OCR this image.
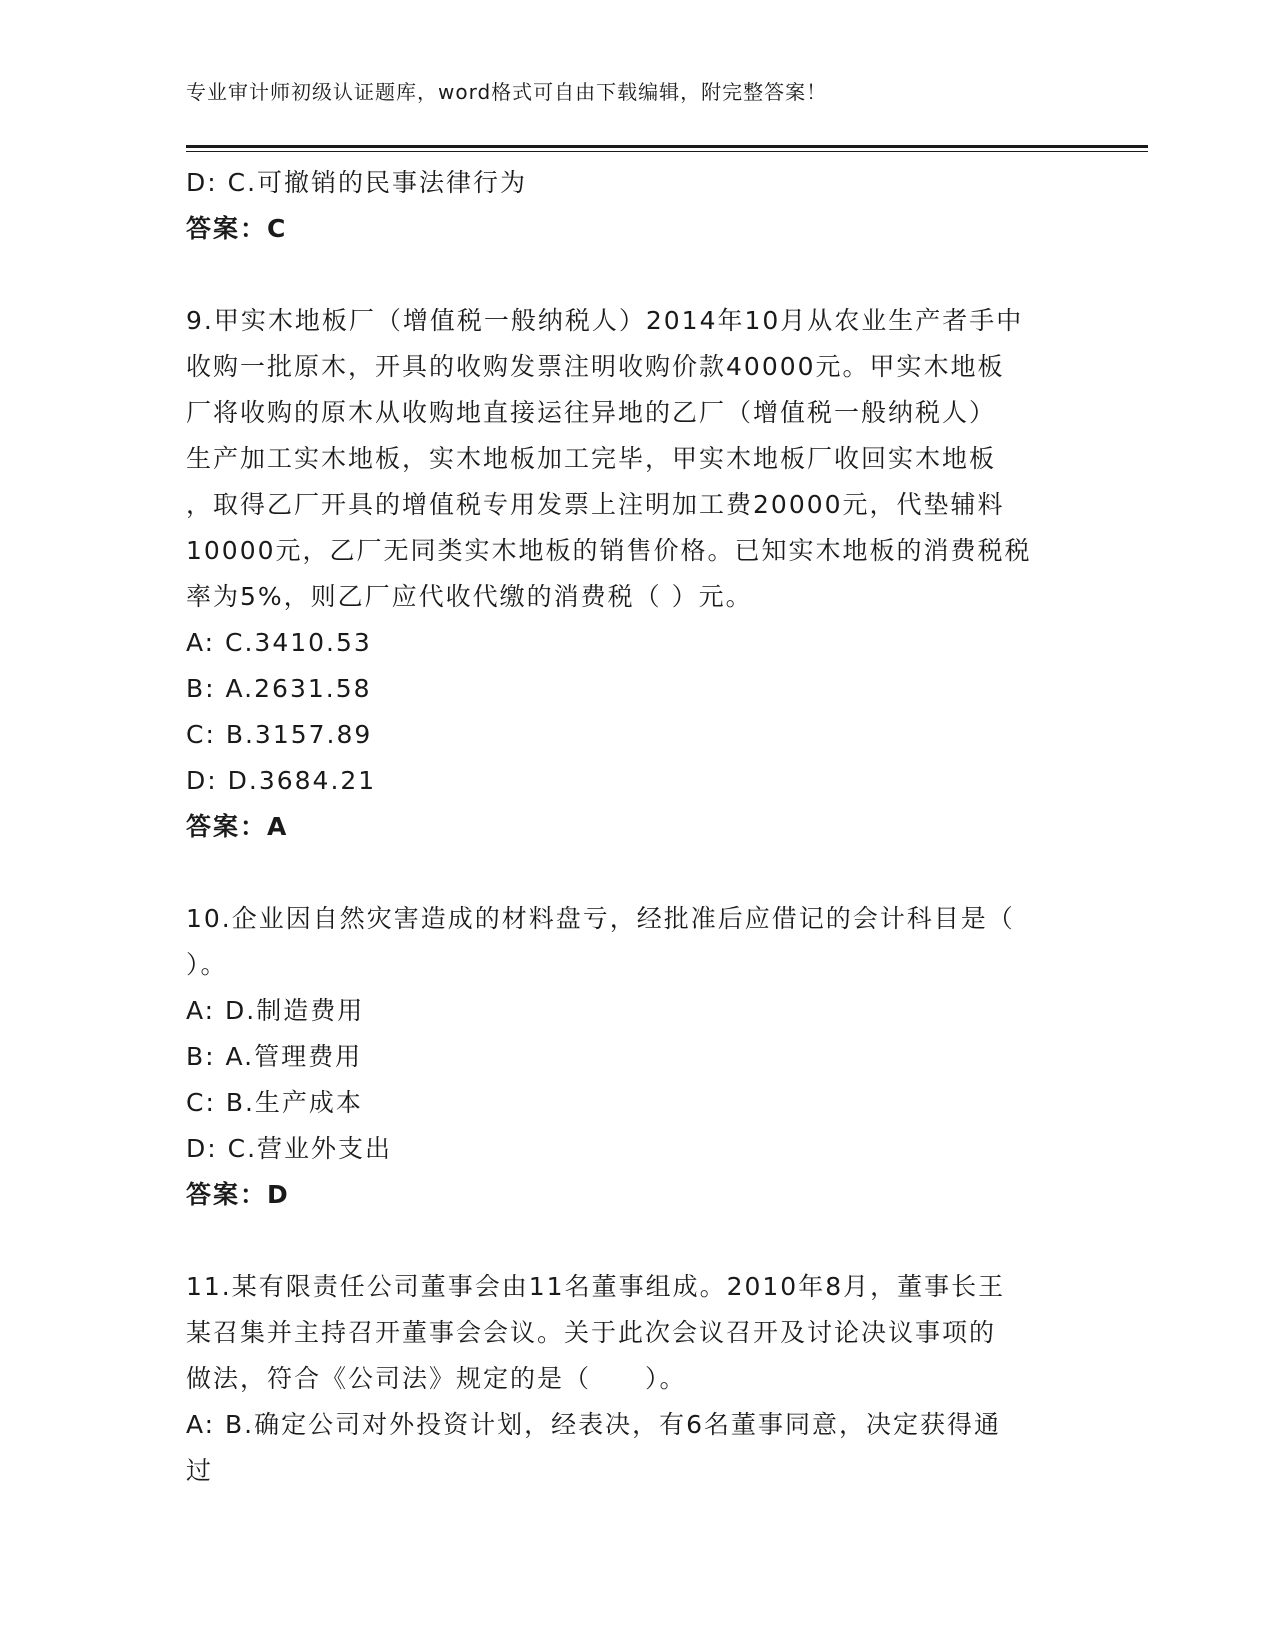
专业审计师初级认证题库，word格式可自由下载编辑，附完整答案！
D: C.可撤销的民事法律行为
答案：C
9.甲实木地板厂（增值税一般纳税人）2014年10月从农业生产者手中
收购一批原木，开具的收购发票注明收购价款40000元。甲实木地板
厂将收购的原木从收购地直接运往异地的乙厂（增值税一般纳税人）
生产加工实木地板，实木地板加工完毕，甲实木地板厂收回实木地板
，取得乙厂开具的增值税专用发票上注明加工费20000元，代垫辅料
10000元，乙厂无同类实木地板的销售价格。已知实木地板的消费税税
率为5%，则乙厂应代收代缴的消费税（ ）元。
A: C.3410.53
B: A.2631.58
C: B.3157.89
D: D.3684.21
答案：A
10.企业因自然灾害造成的材料盘亏，经批准后应借记的会计科目是（
）。
A: D.制造费用
B: A.管理费用
C: B.生产成本
D: C.营业外支出
答案：D
11.某有限责任公司董事会由11名董事组成。2010年8月，董事长王
某召集并主持召开董事会会议。关于此次会议召开及讨论决议事项的
做法，符合《公司法》规定的是（　　）。
A: B.确定公司对外投资计划，经表决，有6名董事同意，决定获得通
过
